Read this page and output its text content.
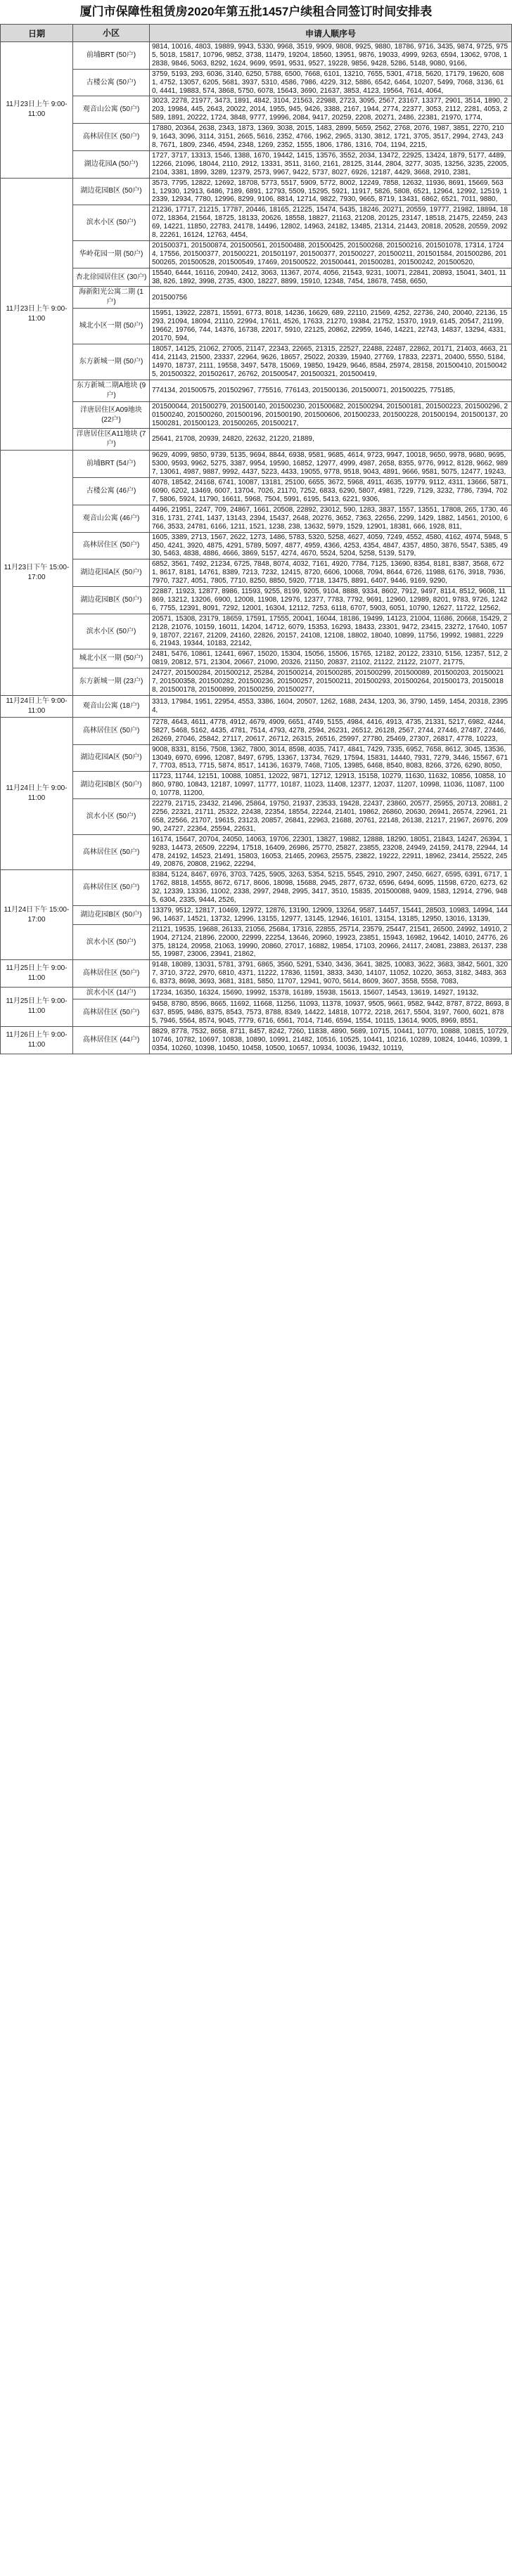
厦门市保障性租赁房2020年第五批1457户续租合同签订时间安排表
日期	小区	申请人顺序号
11月23日上午 9:00-11:00	前埔BRT (50户)	9814, 10016, 4803, 19889, 9943, 5330, 9968, 3519, 9909, 9808, 9925, 9880, 18786, 9716, 3435, 9874, 9725, 9755, 5018, 15817, 10796, 9852, 3738, 11479, 19204, 18560, 13951, 9876, 19033, 4999, 9263, 6594, 13062, 9708, 12838, 9846, 5063, 8292, 1624, 9699, 9591, 9531, 9527, 19228, 9856, 9428, 5286, 5148, 9080, 9166,
	古楼公寓 (50户)	3759, 5193, 293, 6036, 3140, 6250, 5788, 6500, 7668, 6101, 13210, 7655, 5301, 4718, 5620, 17179, 19620, 6081, 4752, 13057, 6205, 5681, 3937, 5310, 4586, 7986, 4229, 312, 5886, 6542, 6464, 10207, 5499, 7068, 3136, 610, 4441, 19883, 574, 3868, 5750, 6078, 15643, 3690, 21637, 3853, 4123, 19564, 7614, 4064,
	观音山公寓 (50户)	3023, 2278, 21977, 3473, 1891, 4842, 3104, 21563, 22988, 2723, 3095, 2567, 23167, 13377, 2901, 3514, 1890, 2203, 19984, 445, 2643, 20022, 2014, 1955, 945, 9426, 3388, 2167, 1944, 2774, 22377, 3053, 2112, 2281, 4053, 2589, 1891, 20222, 1724, 3848, 9777, 19996, 2084, 9417, 20259, 2208, 20271, 2486, 22381, 21970, 1774,
	高林居住区 (50户)	17880, 20364, 2638, 2343, 1873, 1369, 3038, 2015, 1483, 2899, 5659, 2562, 2768, 2076, 1987, 3851, 2270, 2109, 1643, 3096, 3114, 3151, 2665, 5616, 2352, 4766, 1962, 2965, 3130, 3812, 1721, 3705, 3517, 2994, 2743, 2438, 7671, 1809, 2346, 4594, 2348, 1269, 2352, 1555, 1806, 1786, 1316, 704, 1194, 2215,
	湖边花园A (50户)	1727, 3717, 13313, 1546, 1388, 1670, 19442, 1415, 13576, 3552, 2034, 13472, 22925, 13424, 1879, 5177, 4489, 12266, 21096, 18044, 2110, 2912, 13331, 3511, 3160, 2161, 28125, 3144, 2804, 3277, 3035, 13256, 3235, 22005, 2104, 3381, 1899, 3289, 12379, 2573, 9967, 9422, 5737, 8027, 6926, 12187, 4429, 3668, 2910, 2381,
11月23日上午 9:00-11:00	湖边花园B区 (50户)	3573, 7795, 12822, 12692, 18708, 5773, 5517, 5909, 5772, 8002, 12249, 7858, 12632, 11936, 8691, 15669, 5631, 12930, 12913, 6486, 7189, 6891, 12793, 5509, 15295, 5921, 11917, 5826, 5808, 6521, 12964, 12992, 12519, 12339, 12934, 7780, 12996, 8299, 9106, 8814, 12714, 9822, 7930, 9665, 8719, 13431, 6862, 6521, 7011, 9880,
	滨水小区 (50户)	21236, 17717, 21215, 17787, 20446, 18165, 21225, 15474, 5435, 18246, 20271, 20559, 19777, 21982, 18894, 18072, 18364, 21564, 18725, 18133, 20626, 18558, 18827, 21163, 21208, 20125, 23147, 18518, 21475, 22459, 24369, 14221, 11850, 22783, 24178, 14496, 12802, 14963, 24182, 13485, 21314, 21443, 20818, 20528, 20559, 20928, 22261, 16124, 12763, 4454,
	华岭花园一期 (50户)	201500371, 201500874, 201500561, 201500488, 201500425, 201500268, 201500216, 201501078, 17314, 17244, 17556, 201500377, 201500221, 201501197, 201500377, 201500227, 201500211, 201501584, 201500286, 201500265, 201500528, 201500549, 17469, 201500522, 201500441, 201500281, 201500242, 201500520,
	杏北徐园居住区 (30户)	15540, 6444, 16116, 20940, 2412, 3063, 11367, 2074, 4056, 21543, 9231, 10071, 22841, 20893, 15041, 3401, 1138, 826, 1892, 3998, 2735, 4300, 18227, 8899, 15910, 12348, 7454, 18678, 7458, 6650,
	海新阳光公寓二期 (1户)	201500756
	城北小区一期 (50户)	15951, 13922, 22871, 15591, 6773, 8018, 14236, 16629, 689, 22110, 21569, 4252, 22736, 240, 20040, 22136, 15293, 21094, 18094, 21110, 22994, 17611, 4526, 17633, 21270, 19384, 21752, 15370, 1919, 6145, 20547, 21199, 19662, 19766, 744, 14376, 16738, 22017, 5910, 22125, 20862, 22959, 1646, 14221, 22743, 14837, 13294, 4331, 20170, 594,
	东方新城一期 (50户)	18057, 14125, 21062, 27005, 21147, 22343, 22665, 21315, 22527, 22488, 22487, 22862, 20171, 21403, 4663, 21414, 21143, 21500, 23337, 22964, 9626, 18657, 25022, 20339, 15940, 27769, 17833, 22371, 20400, 5550, 5184, 14970, 18737, 2111, 19558, 3497, 5478, 15069, 19850, 19429, 9646, 8584, 25974, 28158, 201500410, 201500425, 201500322, 201502617, 26762, 201500547, 201500321, 201500419,
	东方新城二期A地块 (9户)	774134, 201500575, 201502967, 775516, 776143, 201500136, 201500071, 201500225, 775185,
	洋唐居住区A09地块 (22户)	201500044, 201500279, 201500140, 201500230, 201500682, 201500294, 201500181, 201500223, 201500296, 201500240, 201500260, 201500196, 201500190, 201500606, 201500233, 201500228, 201500194, 201500137, 201500281, 201500123, 201500265, 201500217,
	洋唐居住区A11地块 (7户)	25641, 21708, 20939, 24820, 22632, 21220, 21889,
11月23日下午 15:00-17:00	前埔BRT (54户)	9629, 4099, 9850, 9739, 5135, 9694, 8844, 6938, 9581, 9685, 4614, 9723, 9947, 10018, 9650, 9978, 9680, 9695, 5300, 9593, 9962, 5275, 3387, 9954, 19590, 16852, 12977, 4999, 4987, 2658, 8355, 9776, 9912, 8128, 9662, 9897, 13061, 4987, 9887, 9992, 4437, 5223, 4433, 19055, 9778, 9518, 9043, 4891, 9666, 9581, 5075, 12477, 19243,
	古楼公寓 (46户)	4078, 18542, 24168, 6741, 10087, 13181, 25100, 6655, 3672, 5968, 4911, 4635, 19779, 9112, 4311, 13666, 5871, 6090, 6202, 13469, 6007, 13704, 7026, 21170, 7252, 6833, 6290, 5807, 4981, 7229, 7129, 3232, 7786, 7394, 7027, 5806, 5924, 11790, 16611, 5968, 7504, 5991, 6195, 5413, 6221, 9306,
	观音山公寓 (46户)	4496, 21951, 2247, 709, 24867, 1661, 20508, 22892, 23012, 590, 1283, 3837, 1557, 13551, 17808, 265, 1730, 46316, 1731, 2741, 1437, 13143, 2394, 15437, 2648, 20276, 3652, 7363, 22656, 2299, 1429, 1882, 14561, 20100, 6766, 3533, 24781, 6166, 1211, 1521, 1238, 238, 13632, 5979, 1529, 12901, 18381, 666, 1928, 811,
	高林居住区 (50户)	1605, 3389, 2713, 1567, 2622, 1273, 1486, 5783, 5320, 5258, 4627, 4059, 7249, 4552, 4580, 4162, 4974, 5948, 5450, 4241, 3920, 4875, 4291, 5789, 5097, 4877, 4959, 4366, 4253, 4354, 4847, 4357, 4850, 3876, 5547, 5385, 4930, 5463, 4838, 4886, 4666, 3869, 5157, 4274, 4670, 5524, 5204, 5258, 5139, 5179,
	湖边花园A区 (50户)	6852, 3561, 7492, 21234, 6725, 7848, 8074, 4032, 7161, 4920, 7784, 7125, 13690, 8354, 8181, 8387, 3568, 6721, 8617, 8181, 14761, 8389, 7213, 7232, 12415, 8720, 6606, 10068, 7094, 8644, 6726, 11988, 6176, 3918, 7936, 7970, 7327, 4051, 7805, 7710, 8250, 8850, 5920, 7718, 13475, 8891, 6407, 9446, 9169, 9290,
	湖边花园B区 (50户)	22887, 11923, 12877, 8986, 11593, 9255, 8199, 9205, 9104, 8888, 9334, 8602, 7912, 9497, 8114, 8512, 9608, 11869, 13212, 13206, 6900, 12008, 11908, 12976, 12377, 7783, 7792, 9691, 12960, 12989, 8201, 9783, 9726, 12426, 7755, 12391, 8091, 7292, 12001, 16304, 12112, 7253, 6118, 6707, 5903, 6051, 10790, 12627, 11722, 12562,
	滨水小区 (50户)	20571, 15308, 23179, 18659, 17591, 17555, 20041, 16044, 18186, 19499, 14123, 21004, 11686, 20668, 15429, 22128, 21076, 10159, 16011, 14204, 14712, 6079, 15353, 16293, 18433, 23301, 9472, 23415, 23272, 17640, 10579, 18707, 22167, 21209, 24160, 22826, 20157, 24108, 12108, 18802, 18040, 10899, 11756, 19992, 19881, 22296, 21943, 19344, 10183, 22142,
	城北小区一期 (50户)	2481, 5476, 10861, 12441, 6967, 15020, 15304, 15056, 15506, 15765, 12182, 20122, 23310, 5156, 12357, 512, 20819, 20812, 571, 21304, 20667, 21090, 20326, 21150, 20837, 21102, 21122, 21122, 21077, 21775,
	东方新城一期 (23户)	24727, 201500284, 201500212, 25284, 201500214, 201500285, 201500299, 201500089, 201500203, 201500217, 201500358, 201500282, 201500236, 201500257, 201500211, 201500293, 201500264, 201500173, 201500188, 201500178, 201500899, 201500259, 201500277,
11月24日上午 9:00-11:00	观音山公寓 (18户)	3313, 17984, 1951, 22954, 4553, 3386, 1604, 20507, 1262, 1688, 2434, 1203, 36, 3790, 1459, 1454, 20318, 23954,
11月24日上午 9:00-11:00	高林居住区 (50户)	7278, 4643, 4611, 4778, 4912, 4679, 4909, 6651, 4749, 5155, 4984, 4416, 4913, 4735, 21331, 5217, 6982, 4244, 5827, 5468, 5162, 4435, 4781, 7514, 4793, 4278, 2594, 26231, 26512, 26128, 2567, 2744, 27446, 27487, 27446, 26269, 27046, 25842, 27117, 20617, 26712, 26315, 26516, 25997, 27780, 25469, 27307, 26817, 4778, 10223,
	湖边花园A区 (50户)	9008, 8331, 8156, 7508, 1362, 7800, 3014, 8598, 4035, 7417, 4841, 7429, 7335, 6952, 7658, 8612, 3045, 13536, 13049, 6970, 6996, 12087, 8497, 6795, 13367, 13734, 7629, 17594, 15831, 14440, 7931, 7279, 3446, 15567, 6717, 7703, 8513, 7715, 5874, 8517, 14136, 16379, 7468, 7105, 13985, 6468, 8540, 8083, 8266, 3726, 6290, 8050,
	湖边花园B区 (50户)	11723, 11744, 12151, 10088, 10851, 12022, 9871, 12712, 12913, 15158, 10279, 11630, 11632, 10856, 10858, 10860, 9780, 10843, 12187, 10997, 11777, 10187, 11023, 11408, 12377, 12037, 11207, 10998, 11036, 11087, 11000, 10778, 11200,
	滨水小区 (50户)	22279, 21715, 23432, 21496, 25864, 19750, 21937, 23533, 19428, 22437, 23860, 20577, 25955, 20713, 20881, 22256, 22321, 21711, 25322, 22438, 22354, 18554, 22244, 21401, 19862, 26860, 20630, 26941, 26574, 22961, 21658, 22566, 21707, 19615, 23123, 20857, 26841, 22963, 21688, 20761, 22148, 26138, 21217, 21967, 26976, 20990, 24727, 22364, 25594, 22631,
	高林居住区 (50户)	16174, 15647, 20704, 24050, 14063, 19706, 22301, 13827, 19882, 12888, 18290, 18051, 21843, 14247, 26394, 19283, 14473, 26509, 22294, 17518, 16409, 26986, 25770, 25827, 23855, 23208, 24949, 24159, 24178, 22944, 14478, 24192, 14523, 21491, 15803, 16053, 21465, 20963, 25575, 23822, 19222, 22911, 18962, 23414, 25522, 24549, 20876, 20808, 21962, 22294,
11月24日下午 15:00-17:00	高林居住区 (50户)	8384, 5124, 8467, 6976, 3703, 7425, 5905, 3263, 5354, 5215, 5545, 2910, 2907, 2450, 6627, 6595, 6391, 6717, 11762, 8818, 14555, 8672, 6717, 8606, 18098, 15688, 2945, 2877, 6732, 6596, 6494, 6095, 11598, 6720, 6273, 6232, 12339, 13336, 11002, 2338, 2997, 2948, 2995, 3417, 3510, 15835, 201500088, 9409, 1583, 12914, 2796, 9485, 6304, 2335, 9444, 2526,
	湖边花园B区 (50户)	13379, 9512, 12817, 10469, 12972, 12876, 13190, 12909, 13264, 9587, 14457, 15441, 28503, 10983, 14994, 14496, 14637, 14521, 13732, 12996, 13155, 12977, 13145, 12946, 16101, 13154, 13185, 12950, 13016, 13139,
	滨水小区 (50户)	21121, 19535, 19688, 26133, 21056, 25684, 17316, 22855, 25714, 23579, 25447, 21541, 26500, 24992, 14910, 21904, 27124, 21896, 22000, 22999, 22254, 13646, 20960, 19923, 23851, 15943, 16982, 19642, 14010, 24776, 26375, 18124, 20958, 21063, 19990, 20860, 27017, 16882, 19854, 17103, 20966, 24117, 24081, 23883, 26137, 23855, 19987, 23006, 23941, 21862,
11月25日上午 9:00-11:00	高林居住区 (50户)	9148, 18089, 13031, 5781, 3791, 6865, 3560, 5291, 5340, 3436, 3641, 3825, 10083, 3622, 3683, 3842, 5601, 3207, 3710, 3722, 2970, 6810, 4371, 11222, 17836, 11591, 3833, 3430, 14107, 11052, 10220, 3653, 3182, 3483, 3636, 8373, 8698, 3693, 3681, 3181, 5850, 11707, 12941, 9070, 5614, 8609, 3607, 3558, 5558, 7083,
11月25日上午 9:00-11:00	滨水小区 (14户)	17234, 16350, 16324, 15690, 19992, 15378, 16189, 15938, 15613, 15607, 14543, 13619, 14927, 19132,
	高林居住区 (50户)	9458, 8780, 8596, 8665, 11692, 11668, 11256, 11093, 11378, 10937, 9505, 9661, 9582, 9442, 8787, 8722, 8693, 8637, 8595, 9486, 8375, 8543, 7573, 8788, 8349, 14422, 14818, 10772, 2218, 2617, 5504, 3197, 7600, 6021, 8785, 7946, 5564, 8574, 9045, 7779, 6716, 6561, 7014, 7146, 6594, 1554, 10115, 13614, 9005, 8969, 8551,
11月26日上午 9:00-11:00	高林居住区 (44户)	8829, 8778, 7532, 8658, 8711, 8457, 8242, 7260, 11838, 4890, 5689, 10715, 10441, 10770, 10888, 10815, 10729, 10746, 10782, 10697, 10838, 10890, 10991, 21482, 10516, 10525, 10441, 10216, 10289, 10824, 10446, 10399, 10354, 10260, 10398, 10450, 10458, 10500, 10657, 10934, 10036, 19432, 10119,
